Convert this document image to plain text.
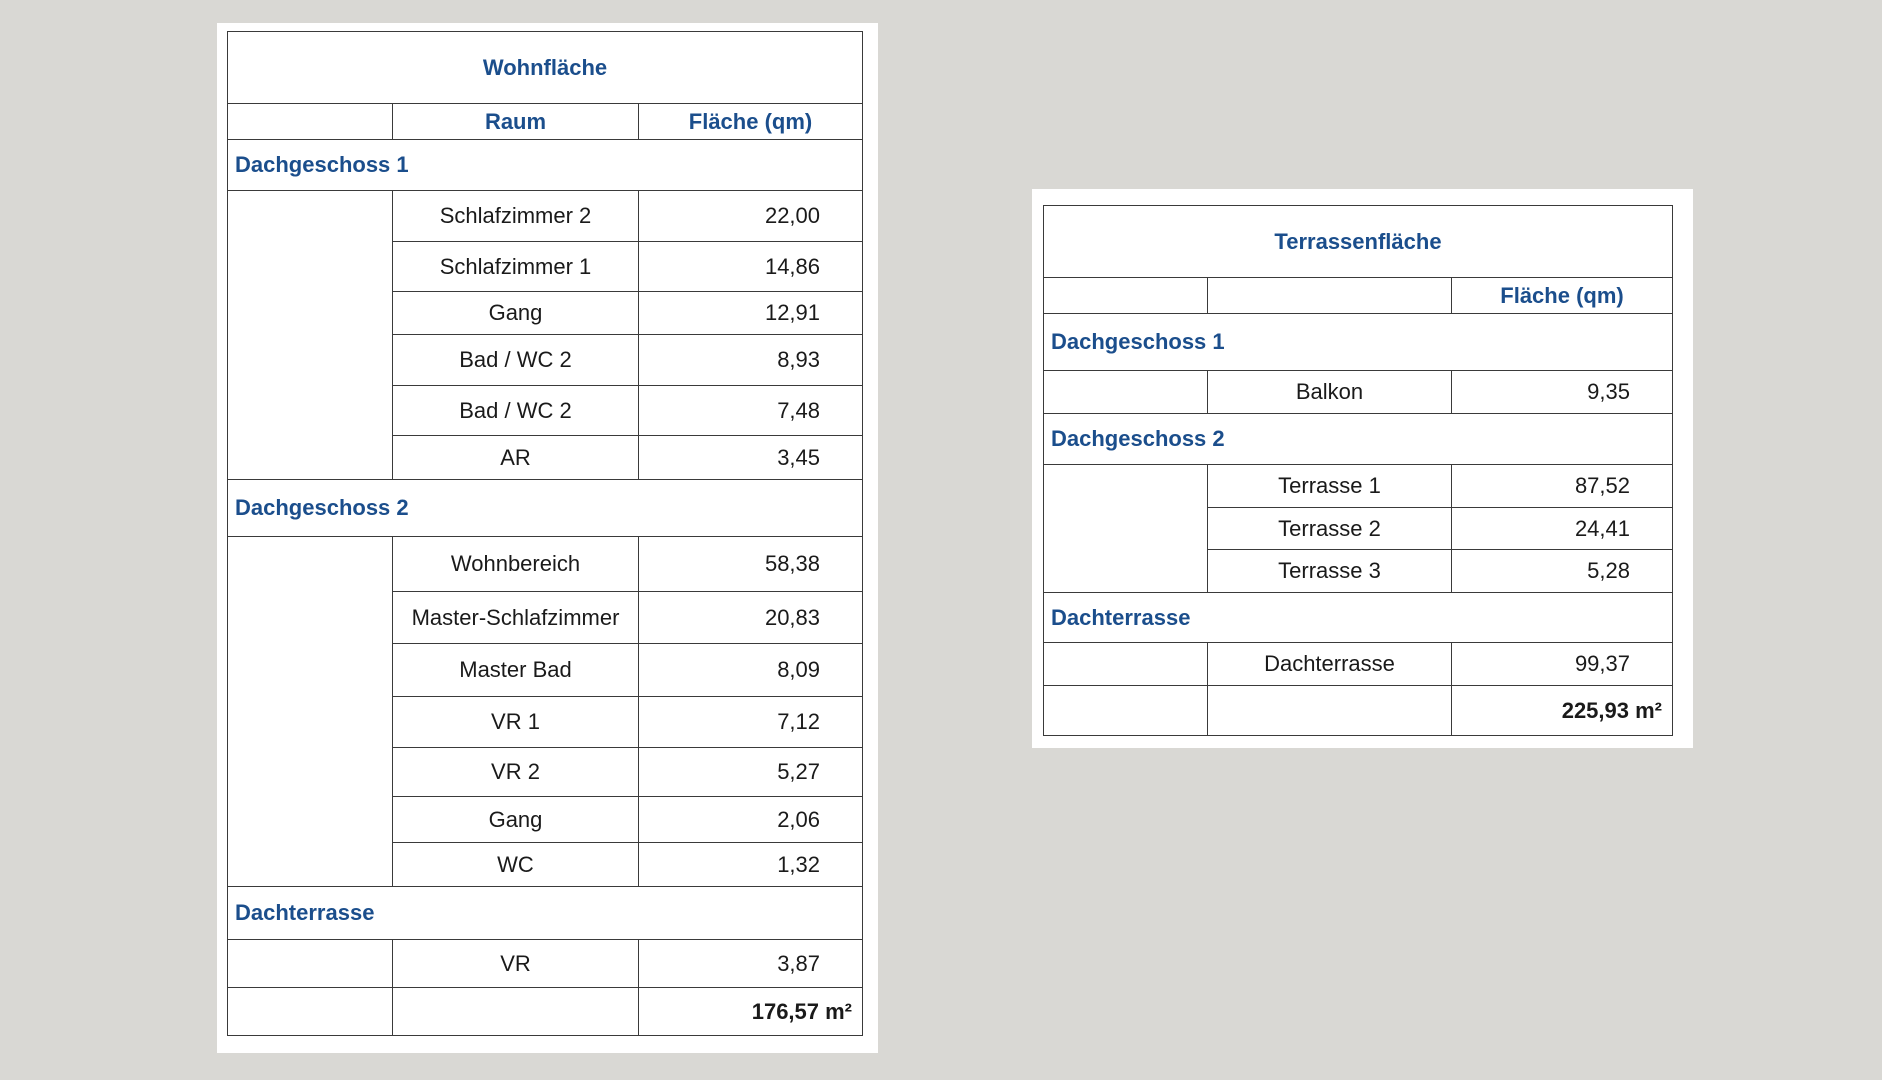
Wohnfläche		
	Raum	Fläche (qm)
Dachgeschoss 1		
	Schlafzimmer 2	22,00
	Schlafzimmer 1	14,86
	Gang	12,91
	Bad / WC 2	8,93
	Bad / WC 2	7,48
	AR	3,45
Dachgeschoss 2		
	Wohnbereich	58,38
	Master-Schlafzimmer	20,83
	Master Bad	8,09
	VR 1	7,12
	VR 2	5,27
	Gang	2,06
	WC	1,32
Dachterrasse		
	VR	3,87
		176,57 m²
Terrassenfläche		
		Fläche (qm)
Dachgeschoss 1		
	Balkon	9,35
Dachgeschoss 2		
	Terrasse 1	87,52
	Terrasse 2	24,41
	Terrasse 3	5,28
Dachterrasse		
	Dachterrasse	99,37
		225,93 m²
